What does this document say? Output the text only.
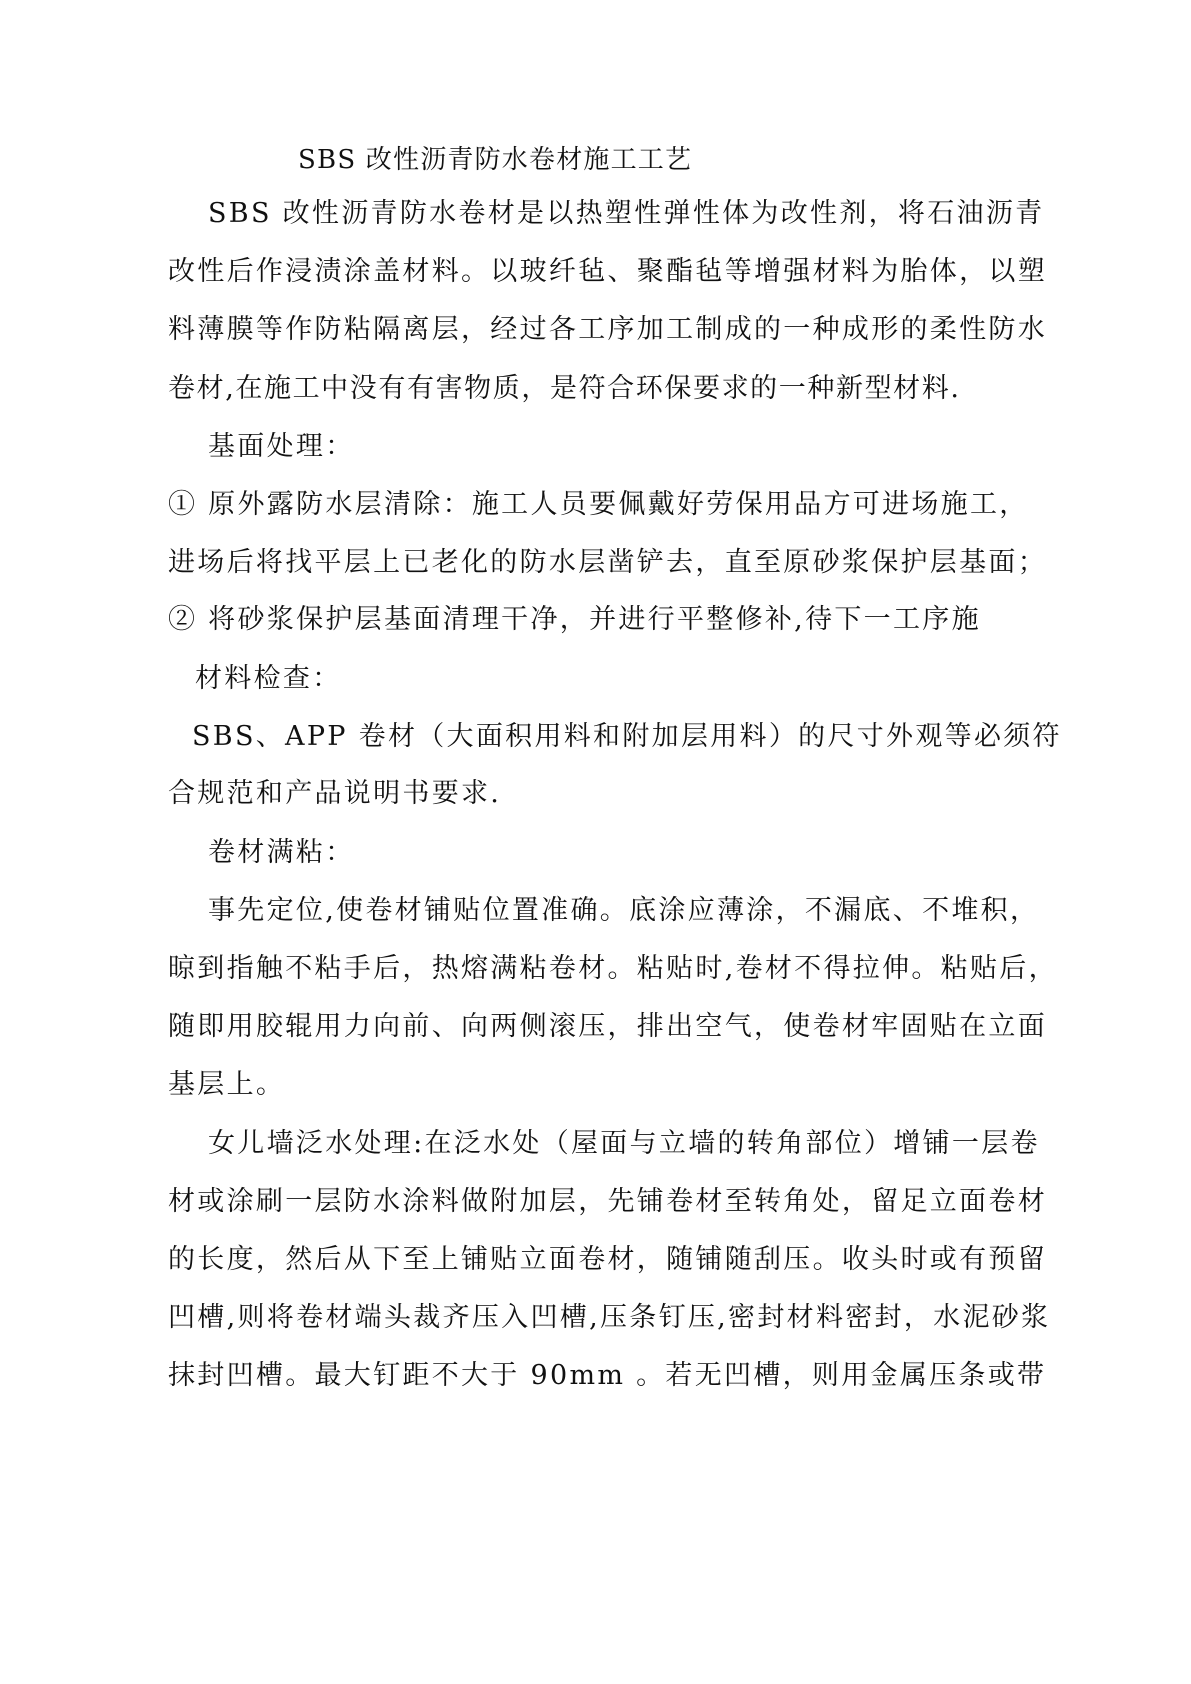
SBS 改性沥青防水卷材施工工艺
SBS 改性沥青防水卷材是以热塑性弹性体为改性剂，将石油沥青
改性后作浸渍涂盖材料。以玻纤毡、聚酯毡等增强材料为胎体，以塑
料薄膜等作防粘隔离层，经过各工序加工制成的一种成形的柔性防水
卷材,在施工中没有有害物质，是符合环保要求的一种新型材料.
基面处理：
① 原外露防水层清除：施工人员要佩戴好劳保用品方可进场施工，
进场后将找平层上已老化的防水层凿铲去，直至原砂浆保护层基面；
② 将砂浆保护层基面清理干净，并进行平整修补,待下一工序施
材料检查：
SBS、APP 卷材（大面积用料和附加层用料）的尺寸外观等必须符
合规范和产品说明书要求.
卷材满粘：
事先定位,使卷材铺贴位置准确。底涂应薄涂，不漏底、不堆积，
晾到指触不粘手后，热熔满粘卷材。粘贴时,卷材不得拉伸。粘贴后，
随即用胶辊用力向前、向两侧滚压，排出空气，使卷材牢固贴在立面
基层上。
女儿墙泛水处理:在泛水处（屋面与立墙的转角部位）增铺一层卷
材或涂刷一层防水涂料做附加层，先铺卷材至转角处，留足立面卷材
的长度，然后从下至上铺贴立面卷材，随铺随刮压。收头时或有预留
凹槽,则将卷材端头裁齐压入凹槽,压条钉压,密封材料密封，水泥砂浆
抹封凹槽。最大钉距不大于 90mm 。若无凹槽，则用金属压条或带
